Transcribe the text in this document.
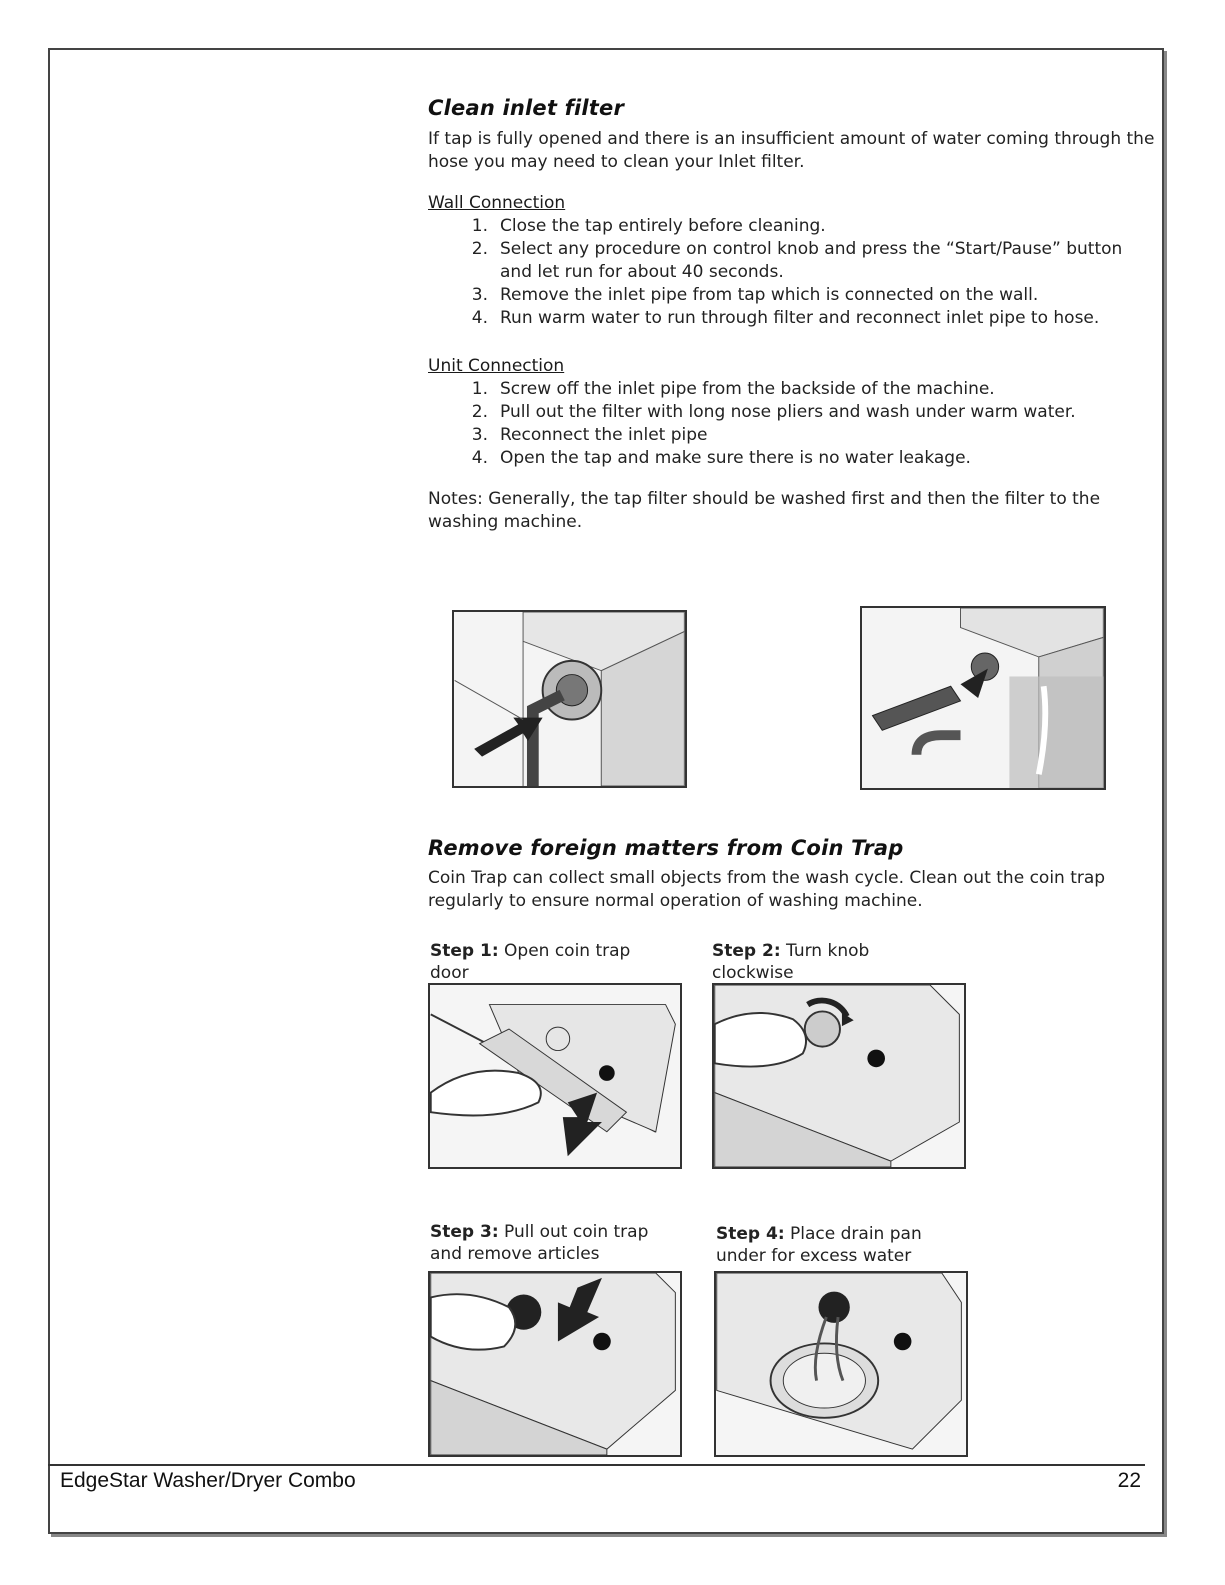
Clean inlet filter

If tap is fully opened and there is an insufficient amount of water coming through the hose you may need to clean your Inlet filter.

Wall Connection
1. Close the tap entirely before cleaning.
2. Select any procedure on control knob and press the “Start/Pause” button and let run for about 40 seconds.
3. Remove the inlet pipe from tap which is connected on the wall.
4. Run warm water to run through filter and reconnect inlet pipe to hose.
Unit Connection
1. Screw off the inlet pipe from the backside of the machine.
2. Pull out the filter with long nose pliers and wash under warm water.
3. Reconnect the inlet pipe
4. Open the tap and make sure there is no water leakage.

Notes: Generally, the tap filter should be washed first and then the filter to the washing machine.

Remove foreign matters from Coin Trap

Coin Trap can collect small objects from the wash cycle. Clean out the coin trap regularly to ensure normal operation of washing machine.

Step 1: Open coin trap door
Step 2: Turn knob clockwise
Step 3: Pull out coin trap and remove articles
Step 4: Place drain pan under for excess water
EdgeStar Washer/Dryer Combo	22
